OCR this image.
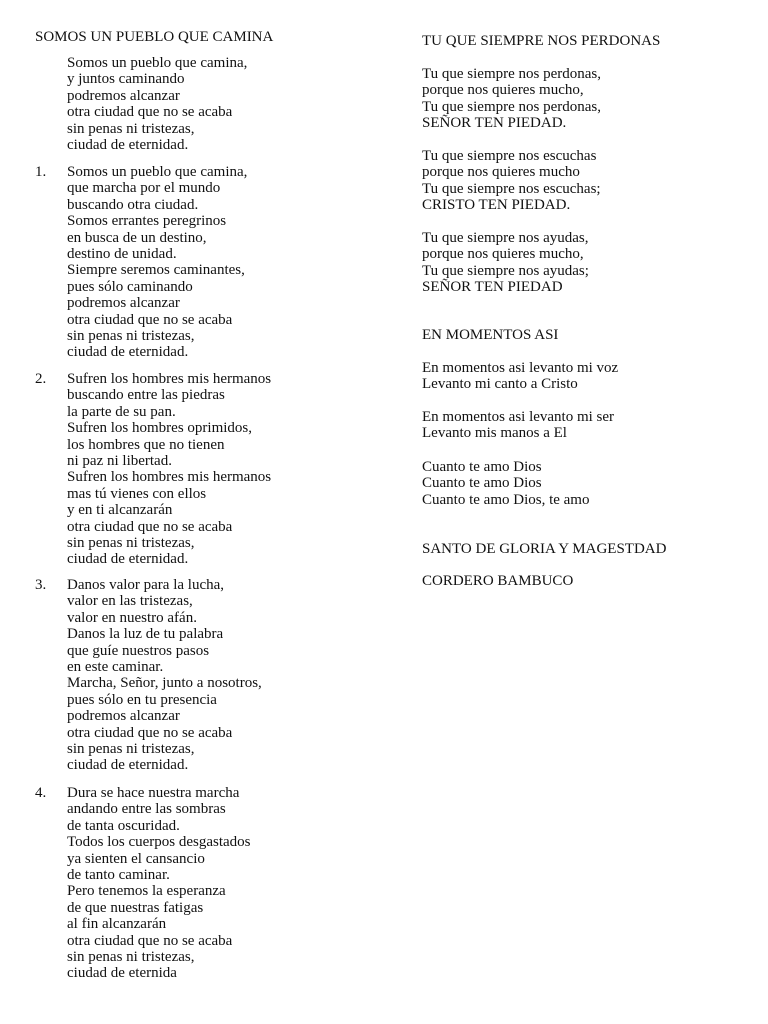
SOMOS UN PUEBLO QUE CAMINA
Somos un pueblo que camina,
y juntos caminando
podremos alcanzar
otra ciudad que no se acaba
sin penas ni tristezas,
ciudad de eternidad.
1. Somos un pueblo que camina,
que marcha por el mundo
buscando otra ciudad.
Somos errantes peregrinos
en busca de un destino,
destino de unidad.
Siempre seremos caminantes,
pues sólo caminando
podremos alcanzar
otra ciudad que no se acaba
sin penas ni tristezas,
ciudad de eternidad.
2. Sufren los hombres mis hermanos
buscando entre las piedras
la parte de su pan.
Sufren los hombres oprimidos,
los hombres que no tienen
ni paz ni libertad.
Sufren los hombres mis hermanos
mas tú vienes con ellos
y en ti alcanzarán
otra ciudad que no se acaba
sin penas ni tristezas,
ciudad de eternidad.
3. Danos valor para la lucha,
valor en las tristezas,
valor en nuestro afán.
Danos la luz de tu palabra
que guíe nuestros pasos
en este caminar.
Marcha, Señor, junto a nosotros,
pues sólo en tu presencia
podremos alcanzar
otra ciudad que no se acaba
sin penas ni tristezas,
ciudad de eternidad.
4. Dura se hace nuestra marcha
andando entre las sombras
de tanta oscuridad.
Todos los cuerpos desgastados
ya sienten el cansancio
de tanto caminar.
Pero tenemos la esperanza
de que nuestras fatigas
al fin alcanzarán
otra ciudad que no se acaba
sin penas ni tristezas,
ciudad de eternida
TU QUE SIEMPRE NOS PERDONAS
Tu que siempre nos perdonas,
porque nos quieres mucho,
Tu que siempre nos perdonas,
SEÑOR TEN PIEDAD.
Tu que siempre nos escuchas
porque nos quieres mucho
Tu que siempre nos escuchas;
CRISTO TEN PIEDAD.
Tu que siempre nos ayudas,
porque nos quieres mucho,
Tu que siempre nos ayudas;
SEÑOR TEN PIEDAD
EN MOMENTOS ASI
En momentos asi levanto mi voz
Levanto mi canto a Cristo
En momentos asi levanto mi ser
Levanto mis manos a El
Cuanto te amo Dios
Cuanto te amo Dios
Cuanto te amo Dios, te amo
SANTO DE GLORIA Y MAGESTDAD
CORDERO BAMBUCO
